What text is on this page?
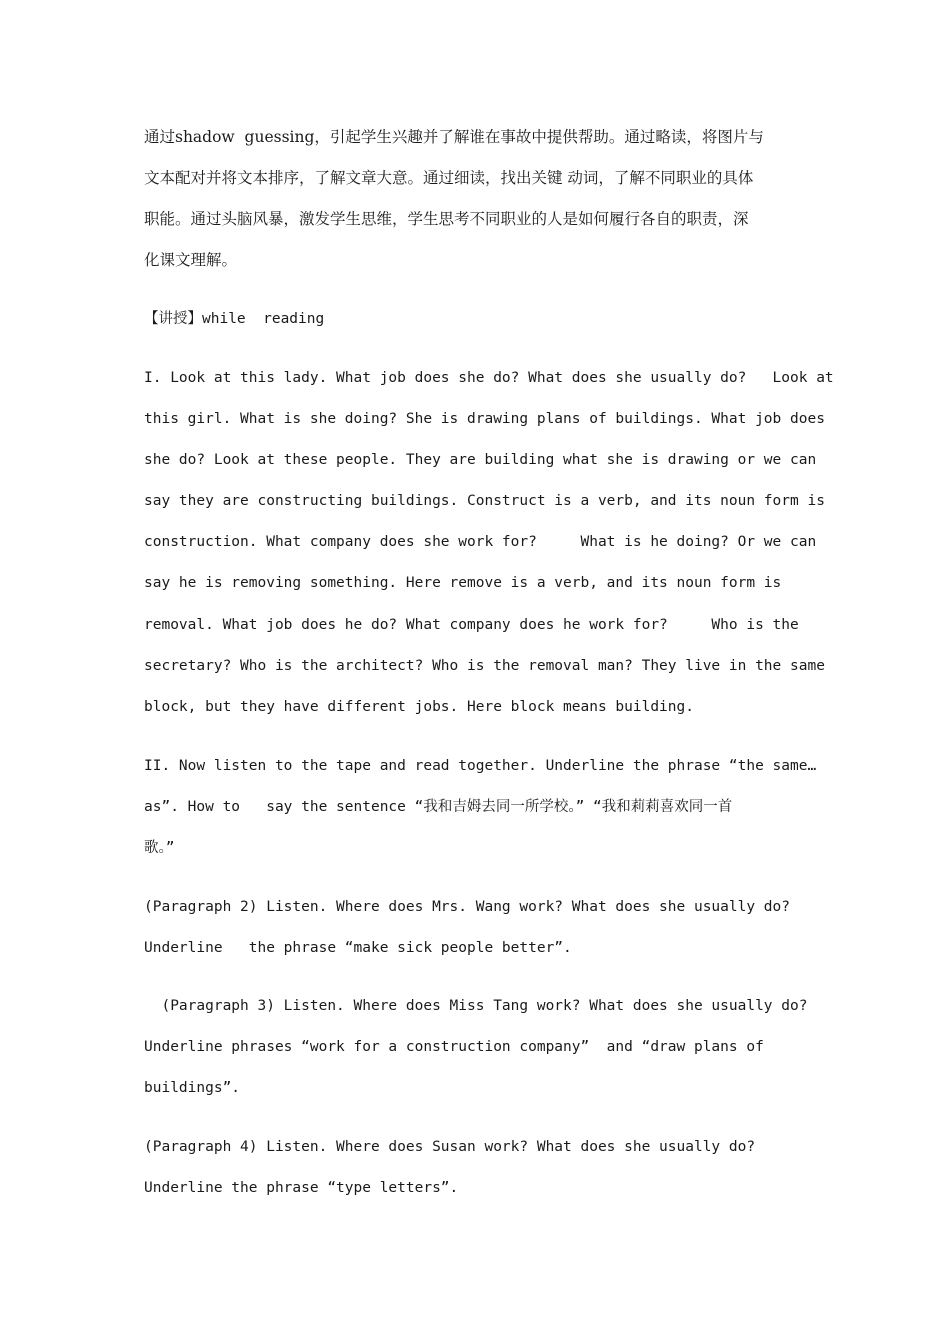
通过shadow  guessing，引起学生兴趣并了解谁在事故中提供帮助。通过略读，将图片与
文本配对并将文本排序，了解文章大意。通过细读，找出关键 动词，了解不同职业的具体
职能。通过头脑风暴，激发学生思维，学生思考不同职业的人是如何履行各自的职责，深
化课文理解。
【讲授】while  reading
I. Look at this lady. What job does she do? What does she usually do?   Look at
this girl. What is she doing? She is drawing plans of buildings. What job does
she do? Look at these people. They are building what she is drawing or we can
say they are constructing buildings. Construct is a verb, and its noun form is
construction. What company does she work for?     What is he doing? Or we can
say he is removing something. Here remove is a verb, and its noun form is
removal. What job does he do? What company does he work for?     Who is the
secretary? Who is the architect? Who is the removal man? They live in the same
block, but they have different jobs. Here block means building.
II. Now listen to the tape and read together. Underline the phrase “the same…
as”. How to   say the sentence “我和吉姆去同一所学校。” “我和莉莉喜欢同一首
歌。”
(Paragraph 2) Listen. Where does Mrs. Wang work? What does she usually do?
Underline   the phrase “make sick people better”.
(Paragraph 3) Listen. Where does Miss Tang work? What does she usually do?
Underline phrases “work for a construction company”  and “draw plans of
buildings”.
(Paragraph 4) Listen. Where does Susan work? What does she usually do?
Underline the phrase “type letters”.
